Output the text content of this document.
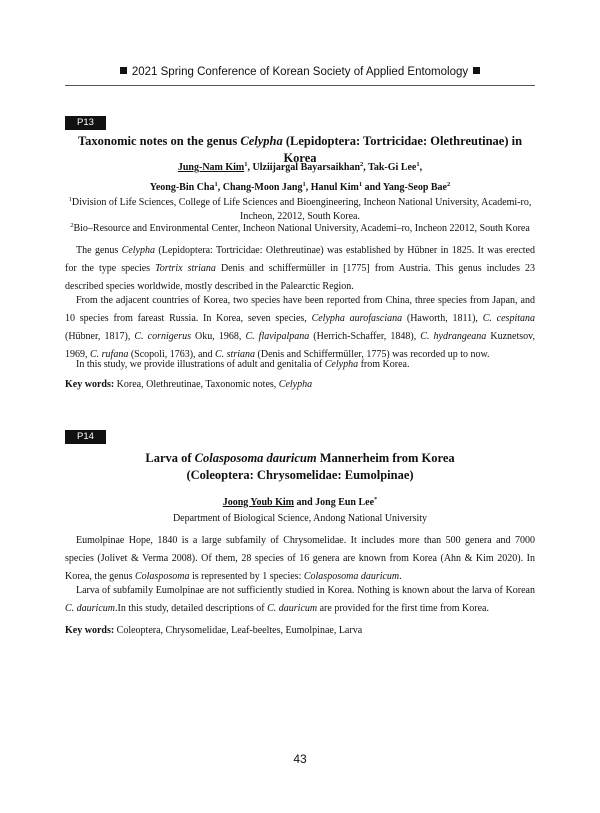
2021 Spring Conference of Korean Society of Applied Entomology
P13
Taxonomic notes on the genus Celypha (Lepidoptera: Tortricidae: Olethreutinae) in Korea
Jung-Nam Kim$^1$, Ulziijargal Bayarsaikhan$^2$, Tak-Gi Lee$^1$,
Yeong-Bin Cha$^1$, Chang-Moon Jang$^1$, Hanul Kim$^1$ and Yang-Seop Bae$^2$
$^1$Division of Life Sciences, College of Life Sciences and Bioengineering, Incheon National University, Academi-ro, Incheon, 22012, South Korea.
$^2$Bio–Resource and Environmental Center, Incheon National University, Academi–ro, Incheon 22012, South Korea
The genus Celypha (Lepidoptera: Tortricidae: Olethreutinae) was established by Hübner in 1825. It was erected for the type species Tortrix striana Denis and schiffermüller in [1775] from Austria. This genus includes 23 described species worldwide, mostly described in the Palearctic Region.
From the adjacent countries of Korea, two species have been reported from China, three species from Japan, and 10 species from fareast Russia. In Korea, seven species, Celypha aurofasciana (Haworth, 1811), C. cespitana (Hübner, 1817), C. cornigerus Oku, 1968, C. flavipalpana (Herrich-Schaffer, 1848), C. hydrangeana Kuznetsov, 1969, C. rufana (Scopoli, 1763), and C. striana (Denis and Schiffermüller, 1775) was recorded up to now.
In this study, we provide illustrations of adult and genitalia of Celypha from Korea.
Key words: Korea, Olethreutinae, Taxonomic notes, Celypha
P14
Larva of Colasposoma dauricum Mannerheim from Korea
(Coleoptera: Chrysomelidae: Eumolpinae)
Joong Youb Kim and Jong Eun Lee*
Department of Biological Science, Andong National University
Eumolpinae Hope, 1840 is a large subfamily of Chrysomelidae. It includes more than 500 genera and 7000 species (Jolivet & Verma 2008). Of them, 28 species of 16 genera are known from Korea (Ahn & Kim 2020). In Korea, the genus Colasposoma is represented by 1 species: Colasposoma dauricum.
Larva of subfamily Eumolpinae are not sufficiently studied in Korea. Nothing is known about the larva of Korean C. dauricum.In this study, detailed descriptions of C. dauricum are provided for the first time from Korea.
Key words: Coleoptera, Chrysomelidae, Leaf-beeltes, Eumolpinae, Larva
43
